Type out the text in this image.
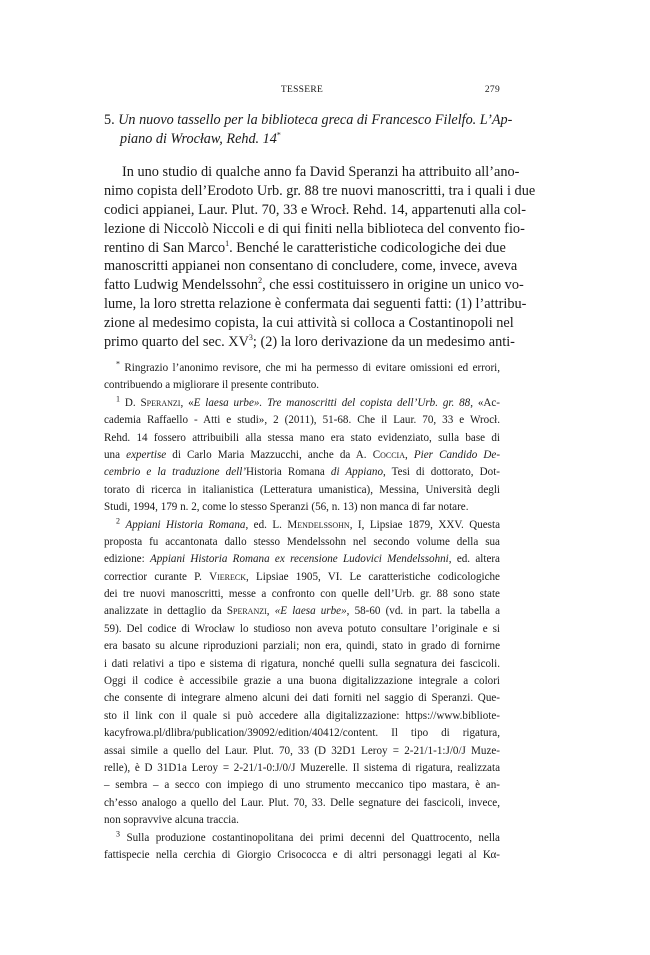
TESSERE	279
5. Un nuovo tassello per la biblioteca greca di Francesco Filelfo. L’Ap-
piano di Wrocław, Rehd. 14*
In uno studio di qualche anno fa David Speranzi ha attribuito all’ano-
nimo copista dell’Erodoto Urb. gr. 88 tre nuovi manoscritti, tra i quali i due
codici appianei, Laur. Plut. 70, 33 e Wrocł. Rehd. 14, appartenuti alla col-
lezione di Niccolò Niccoli e di qui finiti nella biblioteca del convento fio-
rentino di San Marco$^1$. Benché le caratteristiche codicologiche dei due
manoscritti appianei non consentano di concludere, come, invece, aveva
fatto Ludwig Mendelssohn$^2$, che essi costituissero in origine un unico vo-
lume, la loro stretta relazione è confermata dai seguenti fatti: (1) l’attribu-
zione al medesimo copista, la cui attività si colloca a Costantinopoli nel
primo quarto del sec. $XV^3$; (2) la loro derivazione da un medesimo anti-
* Ringrazio l’anonimo revisore, che mi ha permesso di evitare omissioni ed errori,
contribuendo a migliorare il presente contributo.
$^1$ D. Speranzi, «E laesa urbe». Tre manoscritti del copista dell’Urb. gr. 88, «Ac-
cademia Raffaello - Atti e studi», 2 (2011), 51-68. Che il Laur. 70, 33 e Wrocł.
Rehd. 14 fossero attribuibili alla stessa mano era stato evidenziato, sulla base di
una expertise di Carlo Maria Mazzucchi, anche da A. Coccia, Pier Candido De-
cembrio e la traduzione dell’Historia Romana di Appiano, Tesi di dottorato, Dot-
torato di ricerca in italianistica (Letteratura umanistica), Messina, Università degli
Studi, 1994, 179 n. 2, come lo stesso Speranzi (56, n. 13) non manca di far notare.
$^2$ Appiani Historia Romana, ed. L. Mendelssohn, I, Lipsiae 1879, XXV. Questa
proposta fu accantonata dallo stesso Mendelssohn nel secondo volume della sua
edizione: Appiani Historia Romana ex recensione Ludovici Mendelssohni, ed. altera
correctior curante P. Viereck, Lipsiae 1905, VI. Le caratteristiche codicologiche
dei tre nuovi manoscritti, messe a confronto con quelle dell’Urb. gr. 88 sono state
analizzate in dettaglio da Speranzi, «E laesa urbe», 58-60 (vd. in part. la tabella a
59). Del codice di Wrocław lo studioso non aveva potuto consultare l’originale e si
era basato su alcune riproduzioni parziali; non era, quindi, stato in grado di fornirne
i dati relativi a tipo e sistema di rigatura, nonché quelli sulla segnatura dei fascicoli.
Oggi il codice è accessibile grazie a una buona digitalizzazione integrale a colori
che consente di integrare almeno alcuni dei dati forniti nel saggio di Speranzi. Que-
sto il link con il quale si può accedere alla digitalizzazione: https://www.bibliote-
kacyfrowa.pl/dlibra/publication/39092/edition/40412/content. Il tipo di rigatura,
assai simile a quello del Laur. Plut. 70, 33 (D 32D1 Leroy = 2-21/1-1:J/0/J Muze-
relle), è D 31D1a Leroy = 2-21/1-0:J/0/J Muzerelle. Il sistema di rigatura, realizzata
– sembra – a secco con impiego di uno strumento meccanico tipo mastara, è an-
ch’esso analogo a quello del Laur. Plut. 70, 33. Delle segnature dei fascicoli, invece,
non sopravvive alcuna traccia.
$^3$ Sulla produzione costantinopolitana dei primi decenni del Quattrocento, nella
fattispecie nella cerchia di Giorgio Crisococca e di altri personaggi legati al Κα-
